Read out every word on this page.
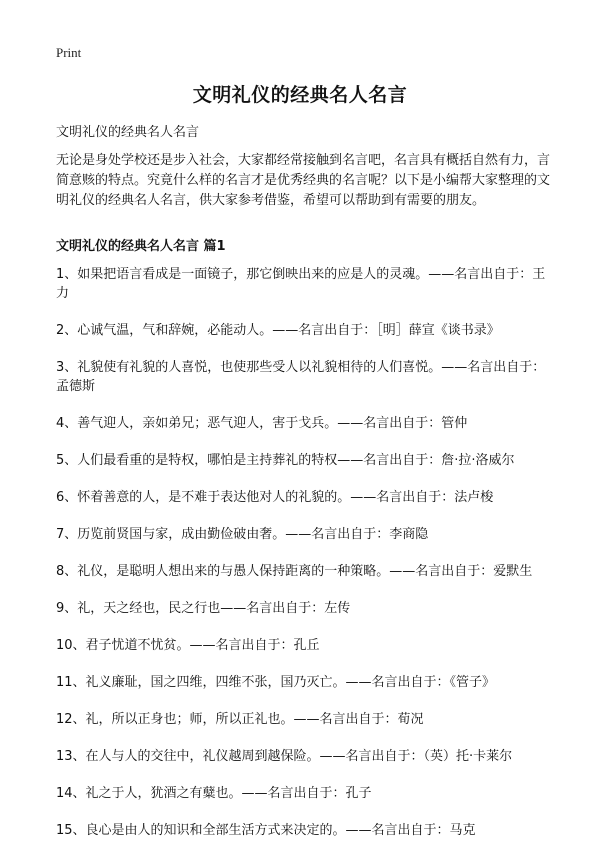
Print
文明礼仪的经典名人名言
文明礼仪的经典名人名言

无论是身处学校还是步入社会，大家都经常接触到名言吧，名言具有概括自然有力，言简意赅的特点。究竟什么样的名言才是优秀经典的名言呢？以下是小编帮大家整理的文明礼仪的经典名人名言，供大家参考借鉴，希望可以帮助到有需要的朋友。

文明礼仪的经典名人名言 篇1
1、如果把语言看成是一面镜子，那它倒映出来的应是人的灵魂。——名言出自于：王力
2、心诚气温，气和辞婉，必能动人。——名言出自于：［明］薛宣《谈书录》
3、礼貌使有礼貌的人喜悦，也使那些受人以礼貌相待的人们喜悦。——名言出自于：孟德斯
4、善气迎人，亲如弟兄；恶气迎人，害于戈兵。——名言出自于：管仲
5、人们最看重的是特权，哪怕是主持葬礼的特权——名言出自于：詹·拉·洛威尔
6、怀着善意的人，是不难于表达他对人的礼貌的。——名言出自于：法卢梭
7、历览前贤国与家，成由勤俭破由奢。——名言出自于：李商隐
8、礼仪，是聪明人想出来的与愚人保持距离的一种策略。——名言出自于：爱默生
9、礼，天之经也，民之行也——名言出自于：左传
10、君子忧道不忧贫。——名言出自于：孔丘
11、礼义廉耻，国之四维，四维不张，国乃灭亡。——名言出自于：《管子》
12、礼，所以正身也；师，所以正礼也。——名言出自于：荀况
13、在人与人的交往中，礼仪越周到越保险。——名言出自于：（英）托·卡莱尔
14、礼之于人，犹酒之有糵也。——名言出自于：孔子
15、良心是由人的知识和全部生活方式来决定的。——名言出自于：马克
